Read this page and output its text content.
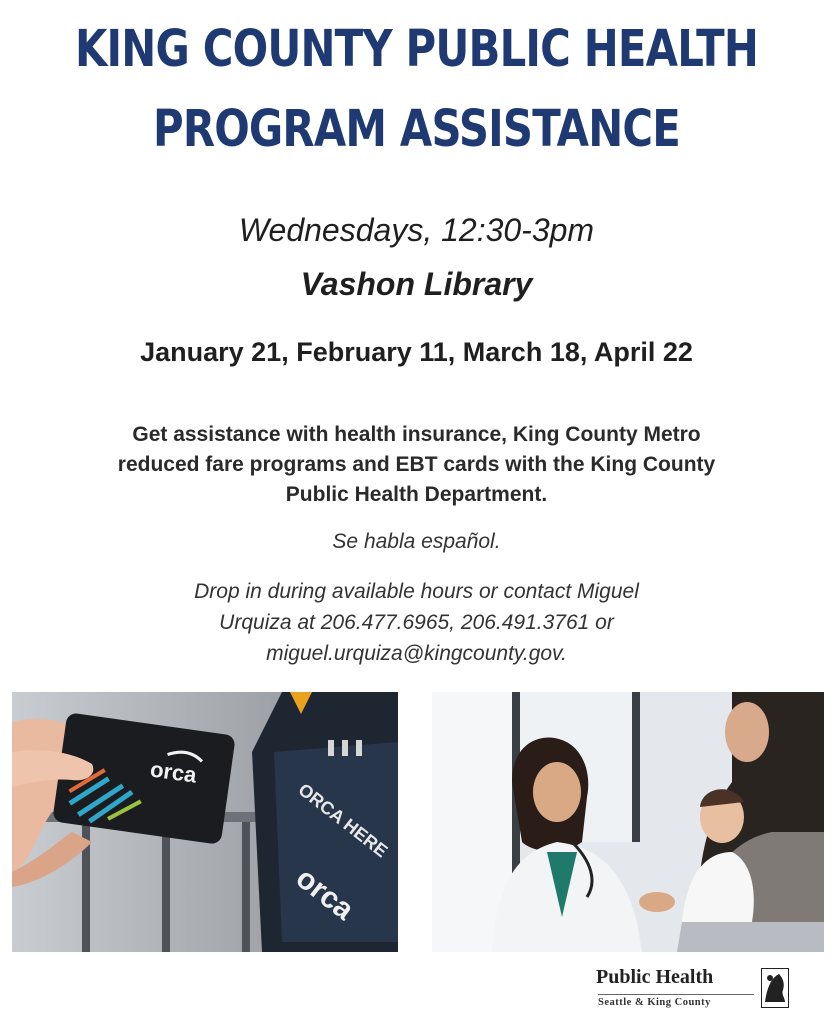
KING COUNTY PUBLIC HEALTH
PROGRAM ASSISTANCE
Wednesdays, 12:30-3pm
Vashon Library
January 21, February 11, March 18, April 22
Get assistance with health insurance, King County Metro
reduced fare programs and EBT cards with the King County
Public Health Department.
Se habla español.
Drop in during available hours or contact Miguel
Urquiza at 206.477.6965, 206.491.3761 or
miguel.urquiza@kingcounty.gov.
ORCA HERE
orca
orca
Public Health
Seattle & King County
